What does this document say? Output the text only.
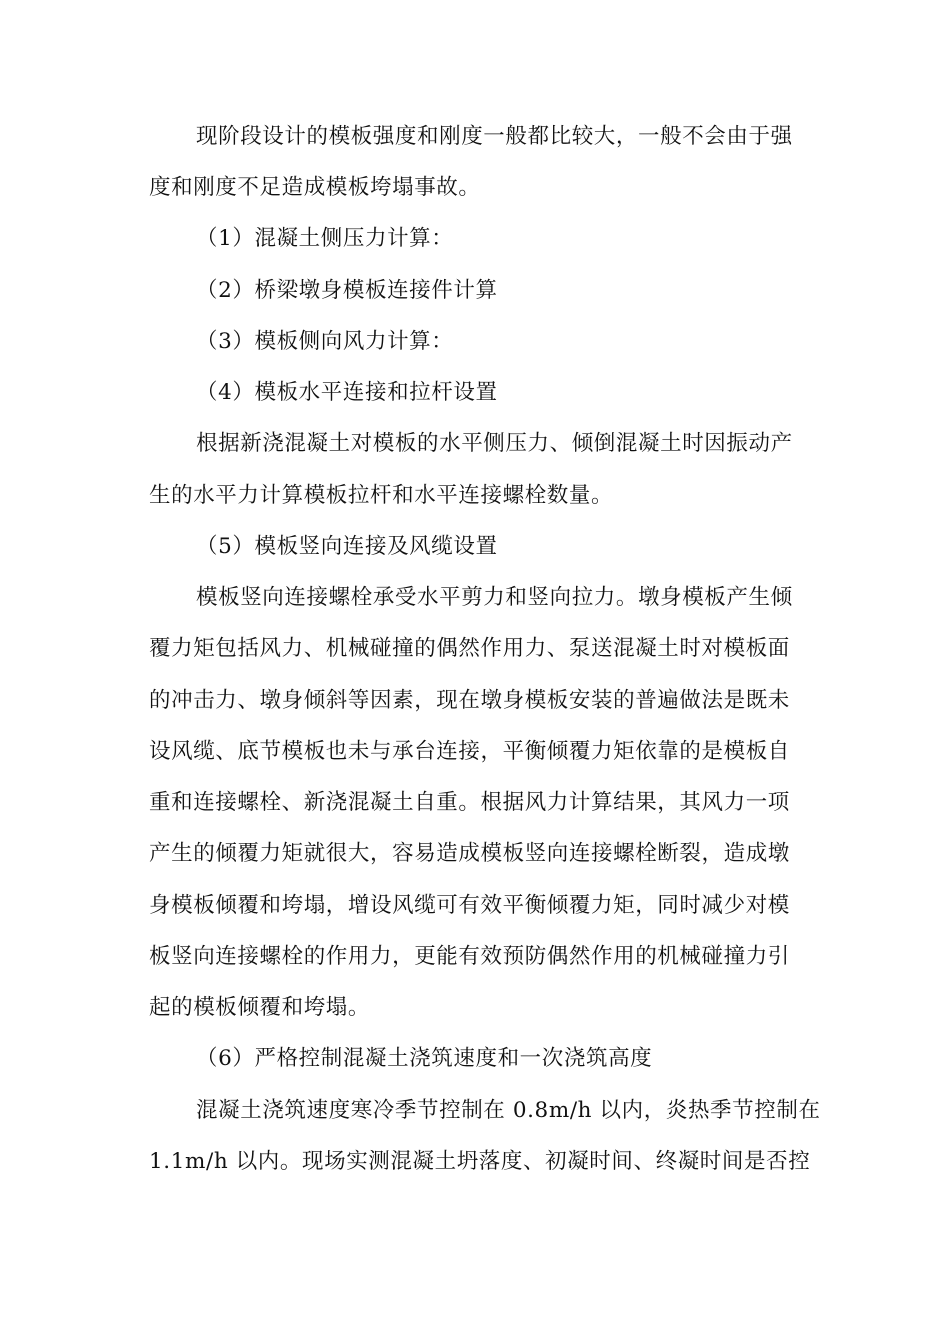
现阶段设计的模板强度和刚度一般都比较大，一般不会由于强
度和刚度不足造成模板垮塌事故。
（1）混凝土侧压力计算：
（2）桥梁墩身模板连接件计算
（3）模板侧向风力计算：
（4）模板水平连接和拉杆设置
根据新浇混凝土对模板的水平侧压力、倾倒混凝土时因振动产
生的水平力计算模板拉杆和水平连接螺栓数量。
（5）模板竖向连接及风缆设置
模板竖向连接螺栓承受水平剪力和竖向拉力。墩身模板产生倾
覆力矩包括风力、机械碰撞的偶然作用力、泵送混凝土时对模板面
的冲击力、墩身倾斜等因素，现在墩身模板安装的普遍做法是既未
设风缆、底节模板也未与承台连接，平衡倾覆力矩依靠的是模板自
重和连接螺栓、新浇混凝土自重。根据风力计算结果，其风力一项
产生的倾覆力矩就很大，容易造成模板竖向连接螺栓断裂，造成墩
身模板倾覆和垮塌，增设风缆可有效平衡倾覆力矩，同时减少对模
板竖向连接螺栓的作用力，更能有效预防偶然作用的机械碰撞力引
起的模板倾覆和垮塌。
（6）严格控制混凝土浇筑速度和一次浇筑高度
混凝土浇筑速度寒冷季节控制在 0.8m/h 以内，炎热季节控制在
1.1m/h 以内。现场实测混凝土坍落度、初凝时间、终凝时间是否控
